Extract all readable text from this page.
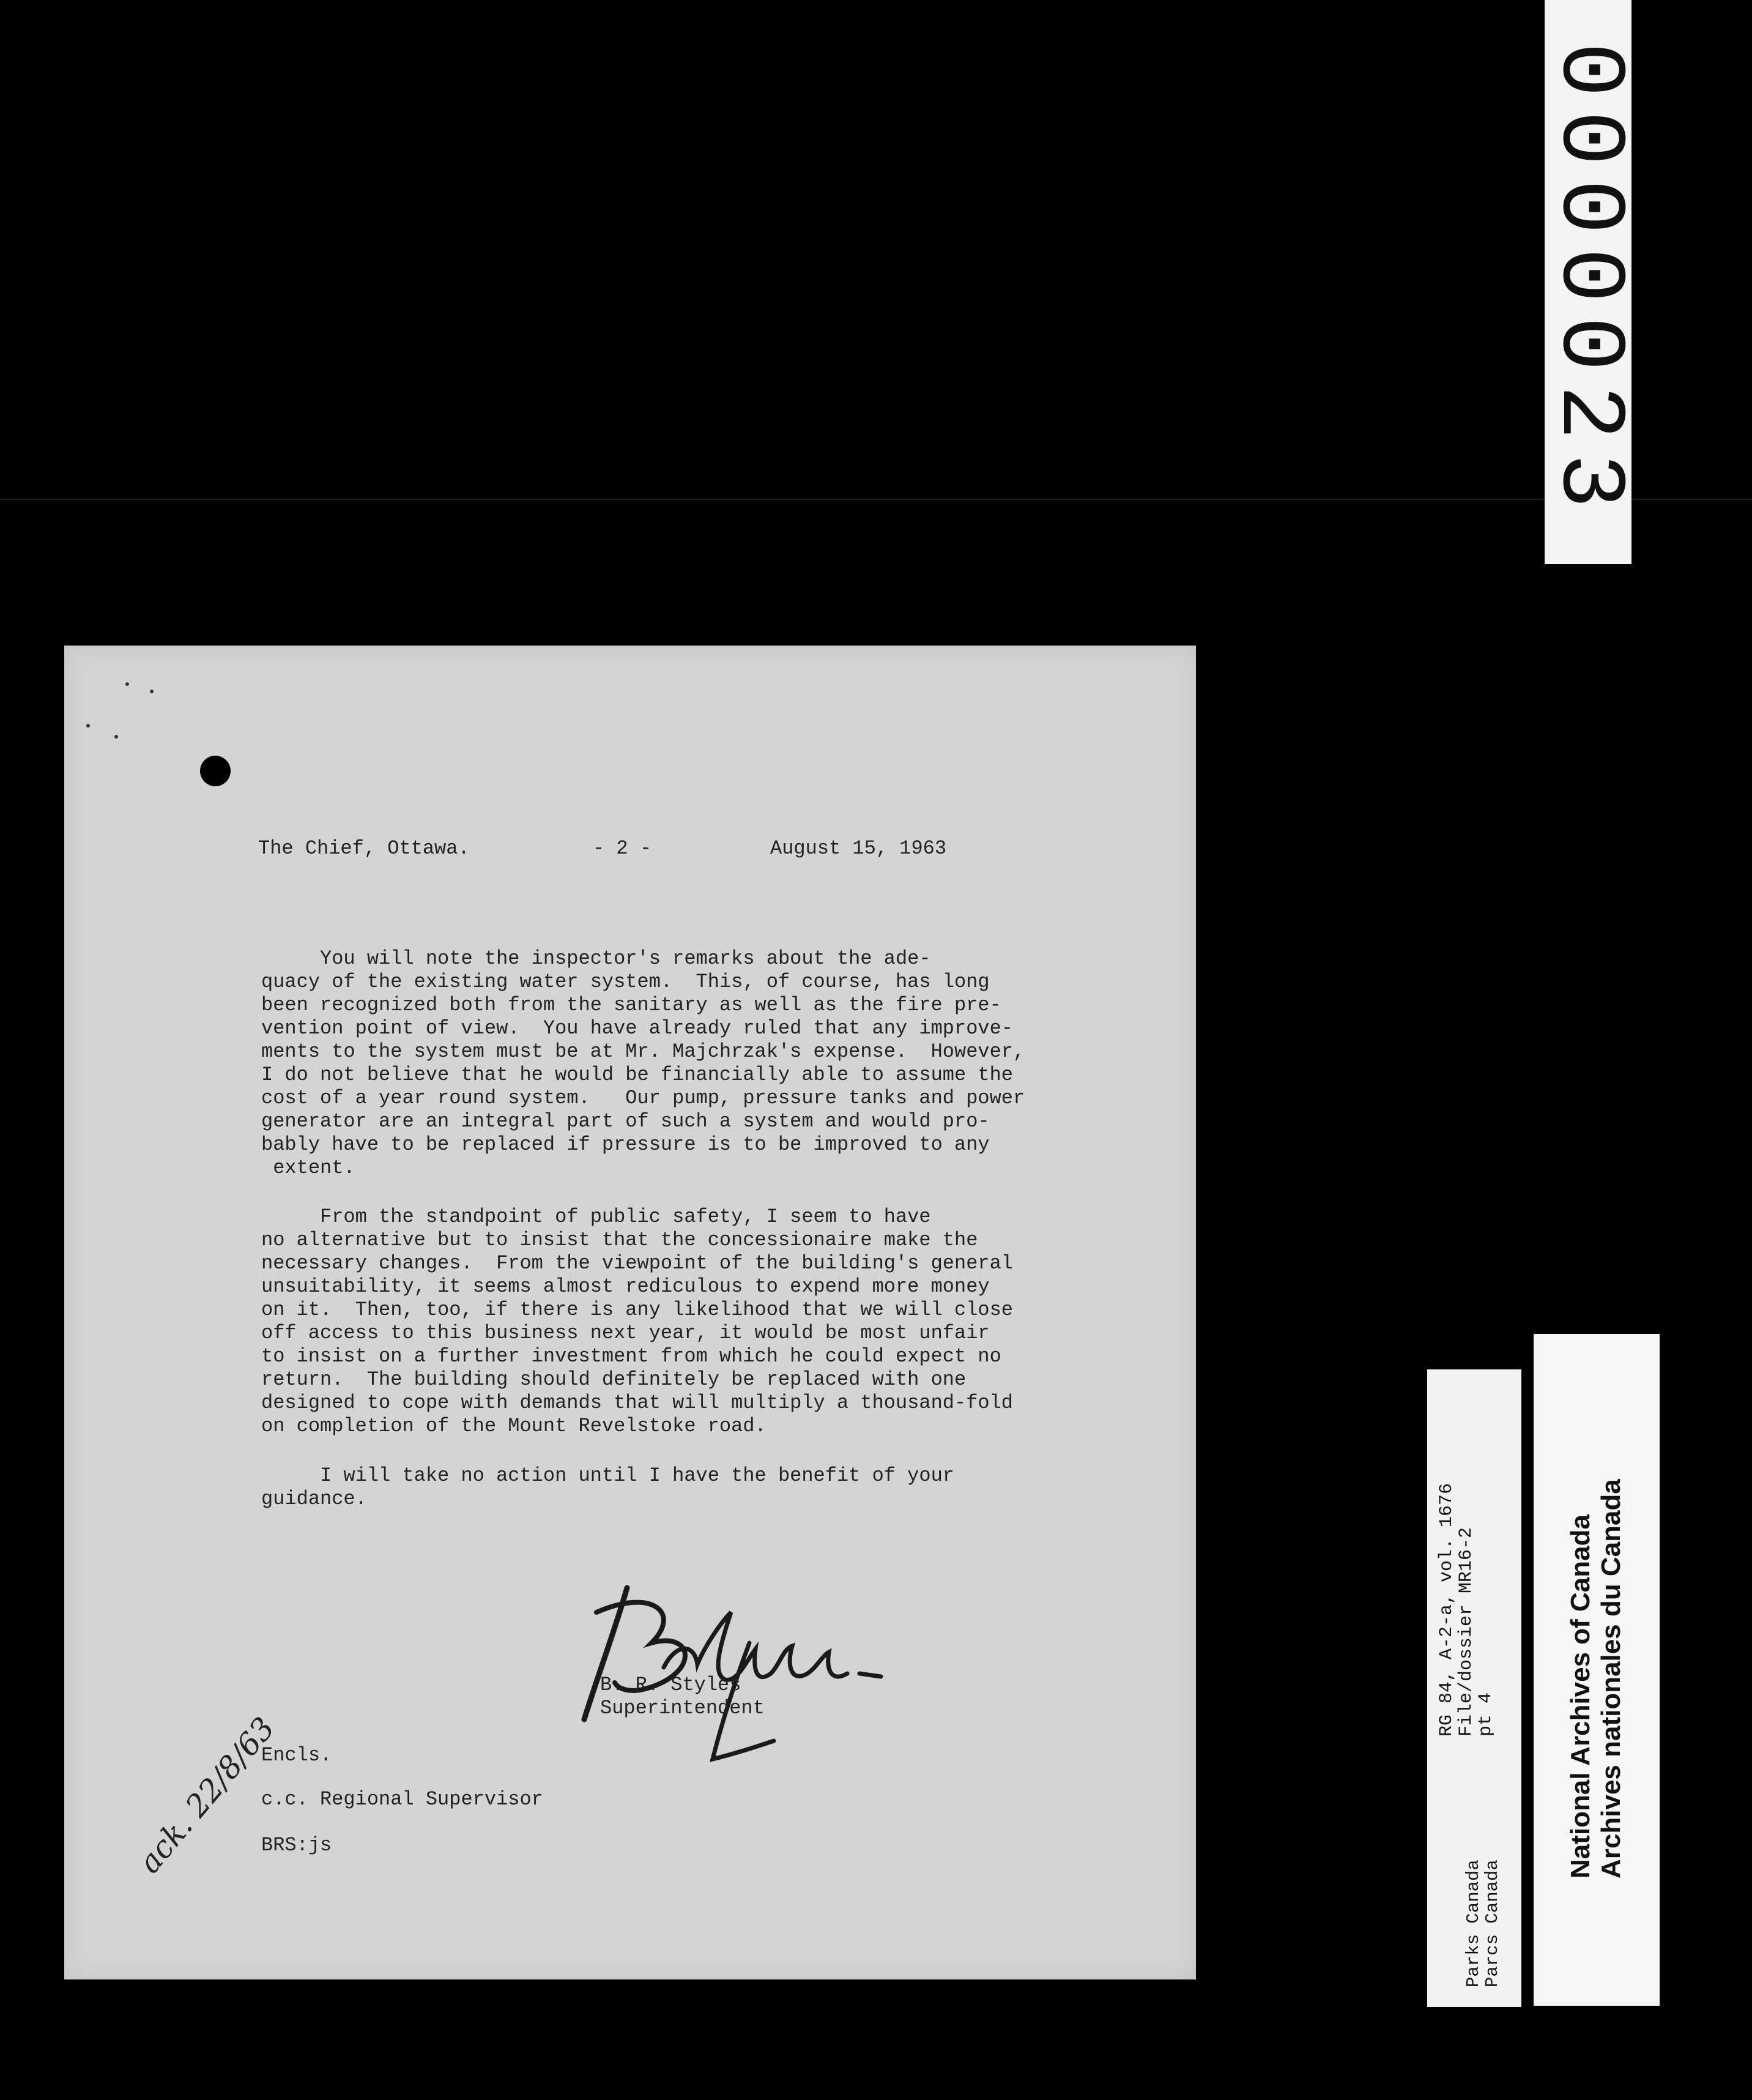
0000023
RG 84, A-2-a, vol. 1676
File/dossier MR16-2
pt 4
Parks Canada
Parcs Canada
National Archives of Canada Archives nationales du Canada

The Chief, Ottawa.

	- 2 -

	August 15, 1963

You will note the inspector's remarks about the ade-
quacy of the existing water system.  This, of course, has long
been recognized both from the sanitary as well as the fire pre-
vention point of view.  You have already ruled that any improve-
ments to the system must be at Mr. Majchrzak's expense.  However,
I do not believe that he would be financially able to assume the
cost of a year round system.   Our pump, pressure tanks and power
generator are an integral part of such a system and would pro-
bably have to be replaced if pressure is to be improved to any
extent.
From the standpoint of public safety, I seem to have
no alternative but to insist that the concessionaire make the
necessary changes.  From the viewpoint of the building's general
unsuitability, it seems almost rediculous to expend more money
on it.  Then, too, if there is any likelihood that we will close
off access to this business next year, it would be most unfair
to insist on a further investment from which he could expect no
return.  The building should definitely be replaced with one
designed to cope with demands that will multiply a thousand-fold
on completion of the Mount Revelstoke road.
I will take no action until I have the benefit of your
guidance.
B. R. Styles
Superintendent
Encls.
c.c. Regional Supervisor
BRS:js
ack. 22/8/63
